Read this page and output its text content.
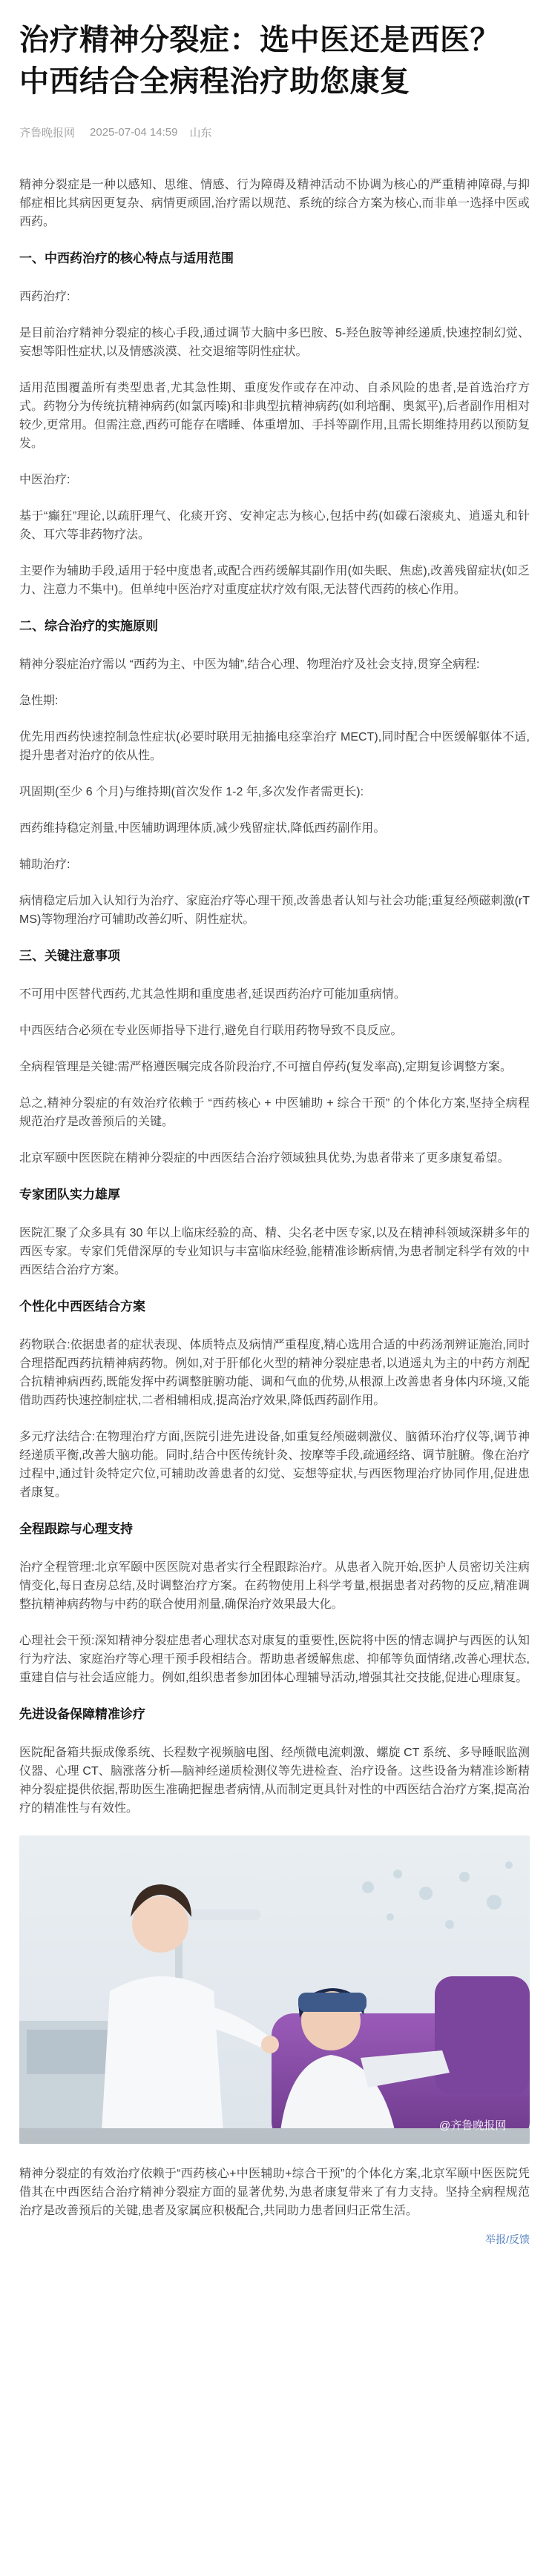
治疗精神分裂症：选中医还是西医？中西结合全病程治疗助您康复
齐鲁晚报网 2025-07-04 14:59 山东

精神分裂症是一种以感知、思维、情感、行为障碍及精神活动不协调为核心的严重精神障碍,与抑郁症相比其病因更复杂、病情更顽固,治疗需以规范、系统的综合方案为核心,而非单一选择中医或西药。

一、中西药治疗的核心特点与适用范围

西药治疗:

是目前治疗精神分裂症的核心手段,通过调节大脑中多巴胺、5-羟色胺等神经递质,快速控制幻觉、妄想等阳性症状,以及情感淡漠、社交退缩等阴性症状。

适用范围覆盖所有类型患者,尤其急性期、重度发作或存在冲动、自杀风险的患者,是首选治疗方式。药物分为传统抗精神病药(如氯丙嗪)和非典型抗精神病药(如利培酮、奥氮平),后者副作用相对较少,更常用。但需注意,西药可能存在嗜睡、体重增加、手抖等副作用,且需长期维持用药以预防复发。

中医治疗:

基于“癫狂”理论,以疏肝理气、化痰开窍、安神定志为核心,包括中药(如礞石滚痰丸、逍遥丸和针灸、耳穴等非药物疗法。

主要作为辅助手段,适用于轻中度患者,或配合西药缓解其副作用(如失眠、焦虑),改善残留症状(如乏力、注意力不集中)。但单纯中医治疗对重度症状疗效有限,无法替代西药的核心作用。

二、综合治疗的实施原则

精神分裂症治疗需以 “西药为主、中医为辅”,结合心理、物理治疗及社会支持,贯穿全病程:

急性期:

优先用西药快速控制急性症状(必要时联用无抽搐电痉挛治疗 MECT),同时配合中医缓解躯体不适,提升患者对治疗的依从性。

巩固期(至少 6 个月)与维持期(首次发作 1-2 年,多次发作者需更长):

西药维持稳定剂量,中医辅助调理体质,减少残留症状,降低西药副作用。

辅助治疗:

病情稳定后加入认知行为治疗、家庭治疗等心理干预,改善患者认知与社会功能;重复经颅磁刺激(rTMS)等物理治疗可辅助改善幻听、阴性症状。

三、关键注意事项

不可用中医替代西药,尤其急性期和重度患者,延误西药治疗可能加重病情。

中西医结合必须在专业医师指导下进行,避免自行联用药物导致不良反应。

全病程管理是关键:需严格遵医嘱完成各阶段治疗,不可擅自停药(复发率高),定期复诊调整方案。

总之,精神分裂症的有效治疗依赖于 “西药核心 + 中医辅助 + 综合干预” 的个体化方案,坚持全病程规范治疗是改善预后的关键。

北京军颐中医医院在精神分裂症的中西医结合治疗领域独具优势,为患者带来了更多康复希望。

专家团队实力雄厚

医院汇聚了众多具有 30 年以上临床经验的高、精、尖名老中医专家,以及在精神科领域深耕多年的西医专家。专家们凭借深厚的专业知识与丰富临床经验,能精准诊断病情,为患者制定科学有效的中西医结合治疗方案。

个性化中西医结合方案

药物联合:依据患者的症状表现、体质特点及病情严重程度,精心选用合适的中药汤剂辨证施治,同时合理搭配西药抗精神病药物。例如,对于肝郁化火型的精神分裂症患者,以逍遥丸为主的中药方剂配合抗精神病西药,既能发挥中药调整脏腑功能、调和气血的优势,从根源上改善患者身体内环境,又能借助西药快速控制症状,二者相辅相成,提高治疗效果,降低西药副作用。

多元疗法结合:在物理治疗方面,医院引进先进设备,如重复经颅磁刺激仪、脑循环治疗仪等,调节神经递质平衡,改善大脑功能。同时,结合中医传统针灸、按摩等手段,疏通经络、调节脏腑。像在治疗过程中,通过针灸特定穴位,可辅助改善患者的幻觉、妄想等症状,与西医物理治疗协同作用,促进患者康复。

全程跟踪与心理支持

治疗全程管理:北京军颐中医医院对患者实行全程跟踪治疗。从患者入院开始,医护人员密切关注病情变化,每日查房总结,及时调整治疗方案。在药物使用上科学考量,根据患者对药物的反应,精准调整抗精神病药物与中药的联合使用剂量,确保治疗效果最大化。

心理社会干预:深知精神分裂症患者心理状态对康复的重要性,医院将中医的情志调护与西医的认知行为疗法、家庭治疗等心理干预手段相结合。帮助患者缓解焦虑、抑郁等负面情绪,改善心理状态,重建自信与社会适应能力。例如,组织患者参加团体心理辅导活动,增强其社交技能,促进心理康复。

先进设备保障精准诊疗

医院配备箱共振成像系统、长程数字视频脑电图、经颅微电流刺激、螺旋 CT 系统、多导睡眠监测仪器、心理 CT、脑涨落分析—脑神经递质检测仪等先进检查、治疗设备。这些设备为精准诊断精神分裂症提供依据,帮助医生准确把握患者病情,从而制定更具针对性的中西医结合治疗方案,提高治疗的精准性与有效性。

@齐鲁晚报网

精神分裂症的有效治疗依赖于“西药核心+中医辅助+综合干预”的个体化方案,北京军颐中医医院凭借其在中西医结合治疗精神分裂症方面的显著优势,为患者康复带来了有力支持。坚持全病程规范治疗是改善预后的关键,患者及家属应积极配合,共同助力患者回归正常生活。

举报/反馈
